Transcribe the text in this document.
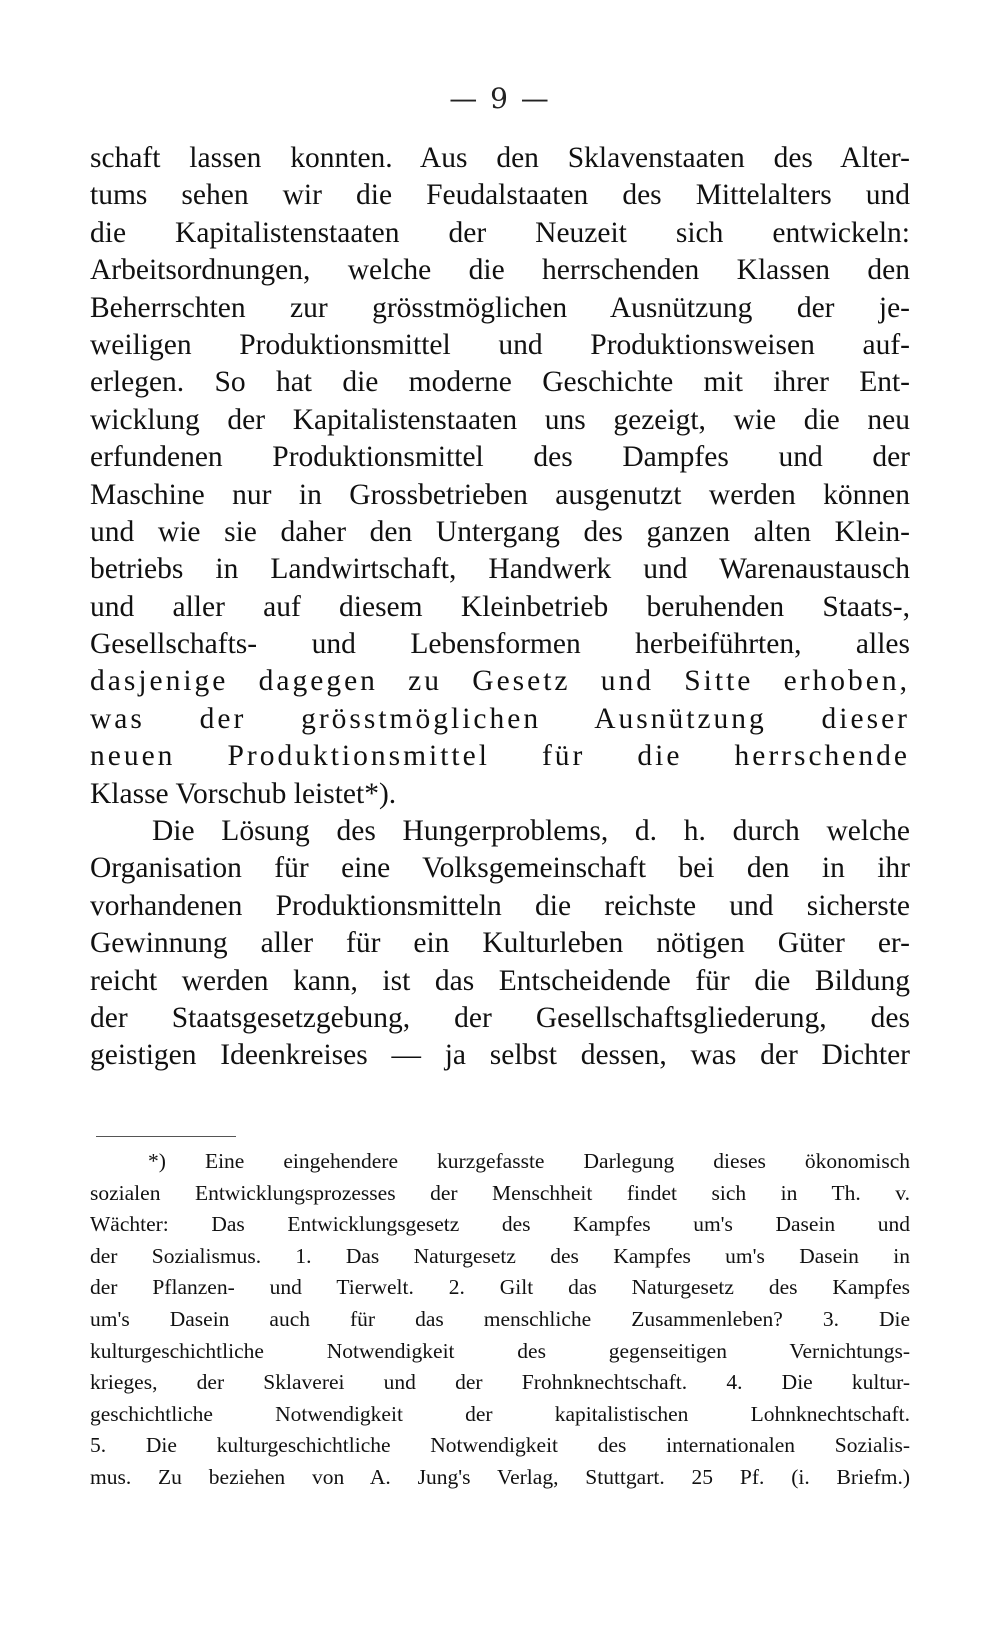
— 9 —
schaft lassen konnten. Aus den Sklavenstaaten des Alter-
tums sehen wir die Feudalstaaten des Mittelalters und
die Kapitalistenstaaten der Neuzeit sich entwickeln:
Arbeitsordnungen, welche die herrschenden Klassen den
Beherrschten zur grösstmöglichen Ausnützung der je-
weiligen Produktionsmittel und Produktionsweisen auf-
erlegen. So hat die moderne Geschichte mit ihrer Ent-
wicklung der Kapitalistenstaaten uns gezeigt, wie die neu
erfundenen Produktionsmittel des Dampfes und der
Maschine nur in Grossbetrieben ausgenutzt werden können
und wie sie daher den Untergang des ganzen alten Klein-
betriebs in Landwirtschaft, Handwerk und Warenaustausch
und aller auf diesem Kleinbetrieb beruhenden Staats-,
Gesellschafts- und Lebensformen herbeiführten, alles
dasjenige dagegen zu Gesetz und Sitte erhoben,
was der grösstmöglichen Ausnützung dieser
neuen Produktionsmittel für die herrschende
Klasse Vorschub leistet*).
Die Lösung des Hungerproblems, d. h. durch welche
Organisation für eine Volksgemeinschaft bei den in ihr
vorhandenen Produktionsmitteln die reichste und sicherste
Gewinnung aller für ein Kulturleben nötigen Güter er-
reicht werden kann, ist das Entscheidende für die Bildung
der Staatsgesetzgebung, der Gesellschaftsgliederung, des
geistigen Ideenkreises — ja selbst dessen, was der Dichter
*) Eine eingehendere kurzgefasste Darlegung dieses ökonomisch
sozialen Entwicklungsprozesses der Menschheit findet sich in Th. v.
Wächter: Das Entwicklungsgesetz des Kampfes um's Dasein und
der Sozialismus. 1. Das Naturgesetz des Kampfes um's Dasein in
der Pflanzen- und Tierwelt. 2. Gilt das Naturgesetz des Kampfes
um's Dasein auch für das menschliche Zusammenleben? 3. Die
kulturgeschichtliche Notwendigkeit des gegenseitigen Vernichtungs-
krieges, der Sklaverei und der Frohnknechtschaft. 4. Die kultur-
geschichtliche Notwendigkeit der kapitalistischen Lohnknechtschaft.
5. Die kulturgeschichtliche Notwendigkeit des internationalen Sozialis-
mus. Zu beziehen von A. Jung's Verlag, Stuttgart. 25 Pf. (i. Briefm.)
